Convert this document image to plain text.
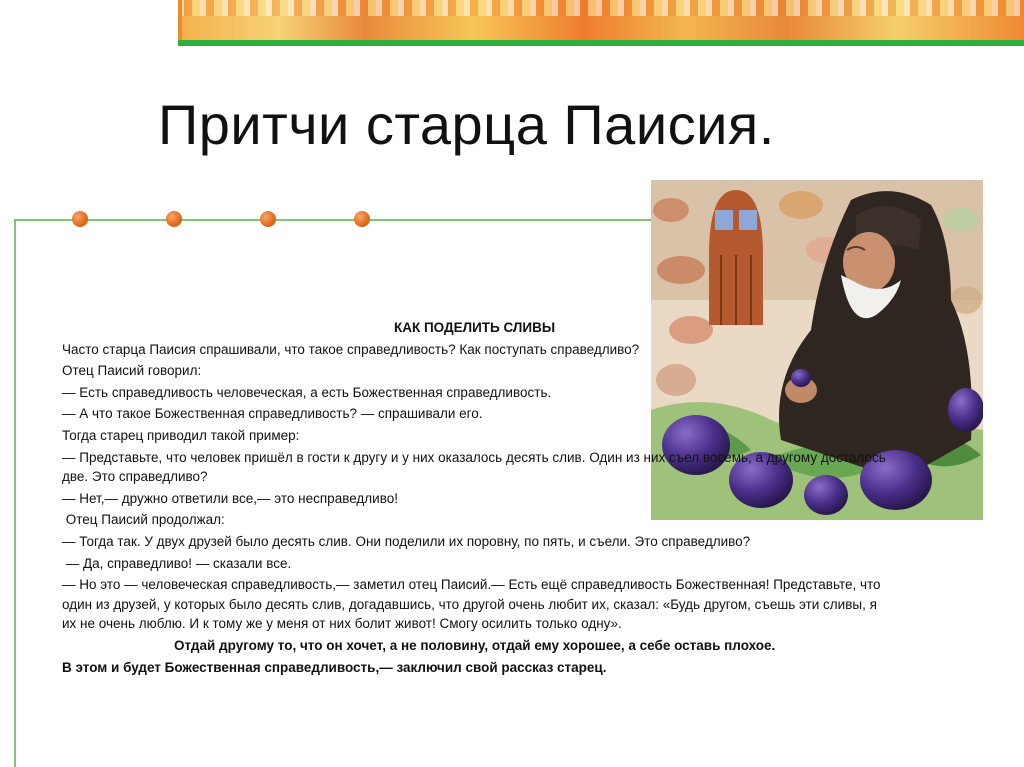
Притчи старца Паисия.
КАК ПОДЕЛИТЬ СЛИВЫ

Часто старца Паисия спрашивали, что такое справедливость? Как поступать справедливо?

Отец Паисий говорил:

— Есть справедливость человеческая, а есть Божественная справедливость.

— А что такое Божественная справедливость? — спрашивали его.

Тогда старец приводил такой пример:

— Представьте, что человек пришёл в гости к другу и у них оказалось десять слив. Один из них съел восемь, а другому досталось две. Это справедливо?

— Нет,— дружно ответили все,— это несправедливо!

Отец Паисий продолжал:

— Тогда так. У двух друзей было десять слив. Они поделили их поровну, по пять, и съели. Это справедливо?

— Да, справедливо! — сказали все.

— Но это — человеческая справедливость,— заметил отец Паисий.— Есть ещё справедливость Божественная! Представьте, что один из друзей, у которых было десять слив, догадавшись, что другой очень любит их, сказал: «Будь другом, съешь эти сливы, я их не очень люблю. И к тому же у меня от них болит живот! Смогу осилить только одну».

Отдай другому то, что он хочет, а не половину, отдай ему хорошее, а себе оставь плохое.

В этом и будет Божественная справедливость,— заключил свой рассказ старец.
